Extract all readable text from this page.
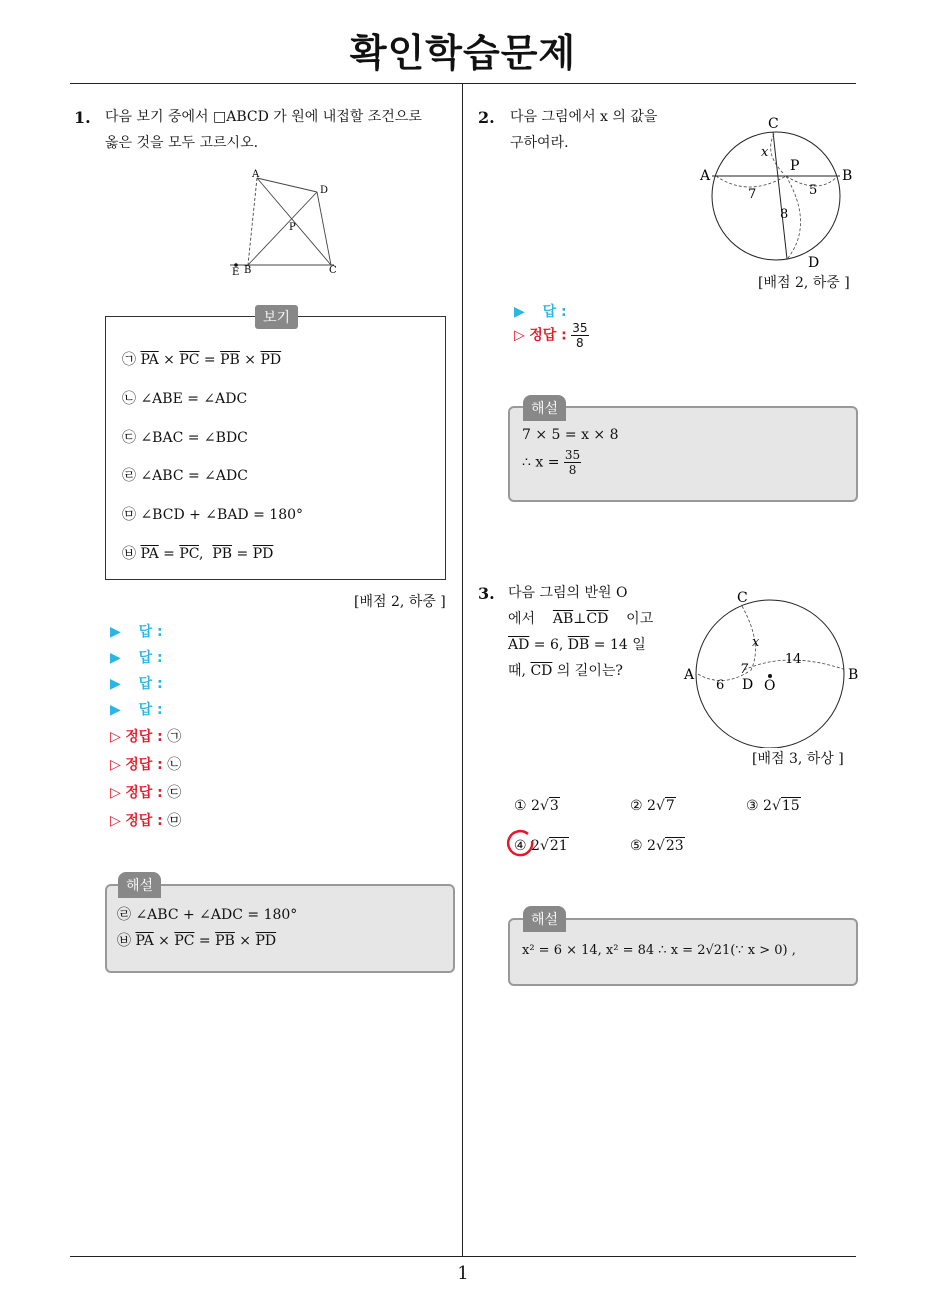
확인학습문제
1
1. 다음 보기 중에서 □ABCD 가 원에 내접할 조건으로
옳은 것을 모두 고르시오.
A
D
P
E B	C
보기
㉠ $\overline{PA} \times \overline{PC} = \overline{PB} \times \overline{PD}$
㉡ ∠ABE = ∠ADC
㉢ ∠BAC = ∠BDC
㉣ ∠ABC = ∠ADC
㉤ ∠BCD + ∠BAD = 180°
㉥ $\overline{PA} = \overline{PC}$,  $\overline{PB} = \overline{PD}$
[배점 2, 하중 ]
▶ 답 :
▶ 답 :
▶ 답 :
▶ 답 :
▷ 정답 : ㉠
▷ 정답 : ㉡
▷ 정답 : ㉢
▷ 정답 : ㉤
해설
㉣ ∠ABC + ∠ADC = 180°
㉥ $\overline{PA} \times \overline{PC} = \overline{PB} \times \overline{PD}$
2. 다음 그림에서 x 의 값을
구하여라.
C
x
P
A	B
7	5
8
D
[배점 2, 하중 ]
▶ 답 :
▷ 정답 : $\frac{35}{8}$
해설
7 × 5 = x × 8
∴ $x = \frac{35}{8}$
3. 다음 그림의 반원 O
에서    $\overline{AB}\perp\overline{CD}$    이고
$\overline{AD} = 6$, $\overline{DB} = 14$ 일
때, $\overline{CD}$ 의 길이는?
C
x
14
A	B
7
6 D O
[배점 3, 하상 ]
① 2√3	② 2√7	③ 2√15
④ 2√21	⑤ 2√23
해설
x² = 6 × 14, x² = 84 ∴ x = 2√21(∵ x > 0) ,
